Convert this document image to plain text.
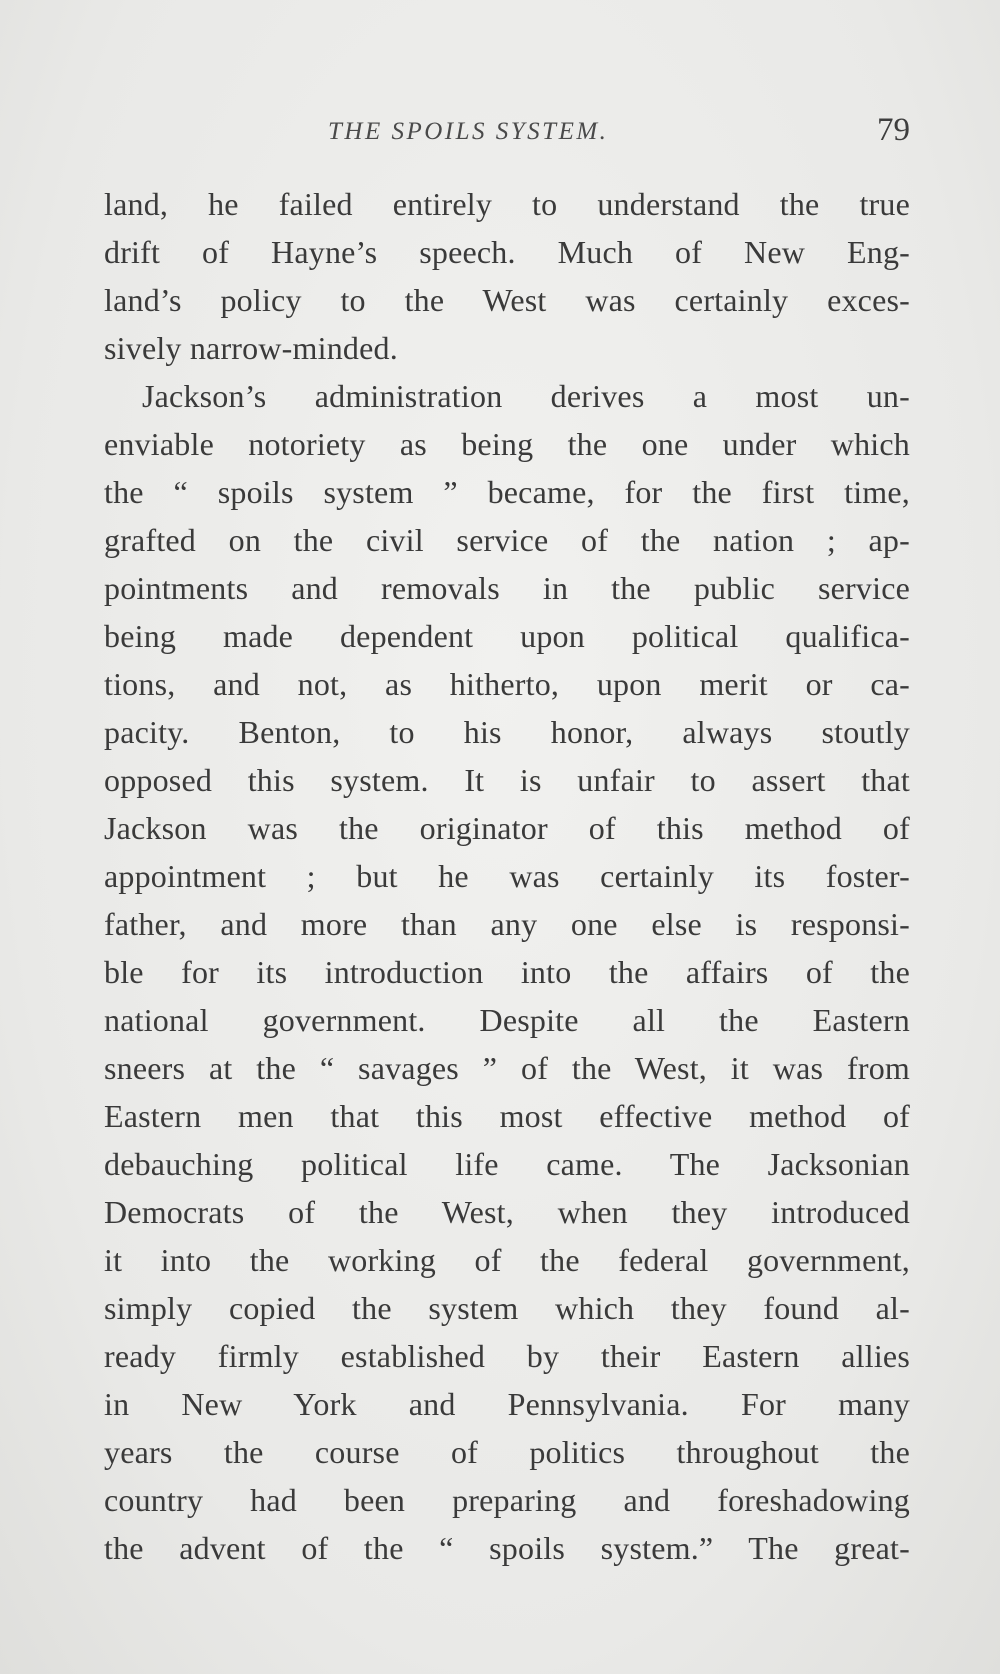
THE SPOILS SYSTEM.	79
land, he failed entirely to understand the true
drift of Hayne’s speech. Much of New Eng-
land’s policy to the West was certainly exces-
sively narrow-minded.
Jackson’s administration derives a most un-
enviable notoriety as being the one under which
the “ spoils system ” became, for the first time,
grafted on the civil service of the nation ; ap-
pointments and removals in the public service
being made dependent upon political qualifica-
tions, and not, as hitherto, upon merit or ca-
pacity. Benton, to his honor, always stoutly
opposed this system. It is unfair to assert that
Jackson was the originator of this method of
appointment ; but he was certainly its foster-
father, and more than any one else is responsi-
ble for its introduction into the affairs of the
national government. Despite all the Eastern
sneers at the “ savages ” of the West, it was from
Eastern men that this most effective method of
debauching political life came. The Jacksonian
Democrats of the West, when they introduced
it into the working of the federal government,
simply copied the system which they found al-
ready firmly established by their Eastern allies
in New York and Pennsylvania. For many
years the course of politics throughout the
country had been preparing and foreshadowing
the advent of the “ spoils system.” The great-
